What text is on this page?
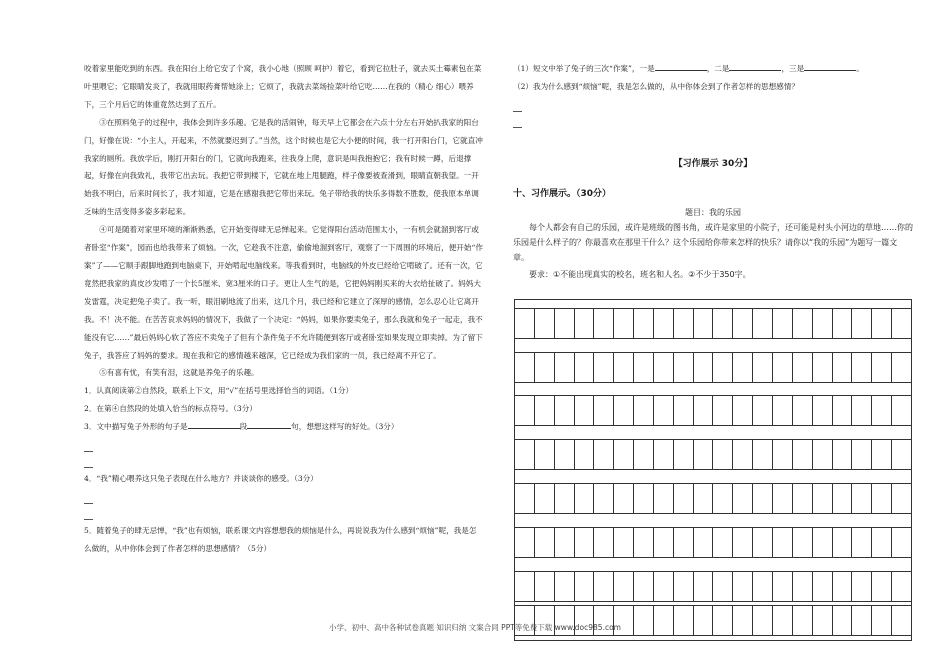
咬着家里能吃到的东西。我在阳台上给它安了个窝，我小心地（照顾 呵护）着它，看到它拉肚子，就去买土霉素包在菜叶里喂它；它眼睛发炎了，我就用眼药膏帮她涂上；它烦了，我就去菜场捡菜叶给它吃……在我的（精心 细心）喂养下，三个月后它的体重竟然达到了五斤。

③在照料兔子的过程中，我体会到许多乐趣。它是我的活闹钟，每天早上它都会在六点十分左右开始扒我家的阳台门，好像在说：“小主人，开起来，不然就要迟到了。”当然，这个时候也是它大小便的时间，我一打开阳台门，它就直冲我家的厕所。我放学后，刚打开阳台的门，它就向我跑来，往我身上爬，意识是叫我抱抱它；我有时候一蹲，后退撑起，好像在向我致礼，我带它出去玩。我把它带到楼下，它就在地上甩腿跑，样子像要被查滑到，眼睛直朝我望。一开始我不明白，后来时间长了，我才知道，它是在感谢我把它带出来玩。兔子带给我的快乐多得数不胜数，使我原本单调乏味的生活变得多姿多彩起来。

④可是随着对家里环境的渐渐熟悉，它开始变得肆无忌惮起来。它觉得阳台活动范围太小，一有机会就溜到客厅或者卧室“作案”，园而也给我带来了烦恼。一次，它趁我不注意，偷偷地溜到客厅，观察了一下周围的环境后，便开始“作案”了——它顺手跟脚地跑到电脑桌下，开始啃起电脑线来。等我看到时，电脑线的外皮已经给它啃破了。还有一次，它竟然把我家的真皮沙发啃了一个长5厘米、宽3厘米的口子。更让人生气的是，它把妈妈刚买来的大衣给扯破了。妈妈大发雷霆，决定把兔子卖了。我一听，眼泪刷地流了出来，这几个月，我已经和它建立了深厚的感情，怎么忍心让它离开我。不！决不能。在苦苦哀求妈妈的情况下，我做了一个决定：“妈妈，如果你要卖兔子，那么我就和兔子一起走，我不能没有它……”最后妈妈心软了答应不卖兔子了但有个条件兔子不允许随便到客厅或者卧室如果发现立即卖掉。为了留下兔子，我答应了妈妈的要求。现在我和它的感情越来越深，它已经成为我们家的一员，我已经离不开它了。

⑤有喜有忧，有笑有泪，这就是养兔子的乐趣。

1．认真阅读第②自然段，联系上下文，用“√”在括号里选择恰当的词语。（1分）

2．在第④自然段的处填入恰当的标点符号。（3分）

3．文中描写兔子外形的句子是	段	句，想想这样写的好处。（3分）

4．“我”精心喂养这只兔子表现在什么地方？并谈谈你的感受。（3分）

5．随着兔子的肆无忌惮，“我”也有烦恼，联系课文内容想想我的烦恼是什么，再说说我为什么感到“烦恼”呢，我是怎么做的，从中你体会到了作者怎样的思想感情？（5分）

（1）短文中举了兔子的三次“作案”，一是	，二是	，三是	。
（2）我为什么感到“烦恼”呢，我是怎么做的，从中你体会到了作者怎样的思想感情？
【习作展示 30分】
十、习作展示。（30分）
题目：我的乐园
每个人都会有自己的乐园，或许是班级的图书角，或许是家里的小院子，还可能是村头小河边的草地……你的乐园是什么样子的？你最喜欢在那里干什么？这个乐园给你带来怎样的快乐？请你以“我的乐园”为题写一篇文章。
要求：①不能出现真实的校名，班名和人名。②不少于350字。
小学、初中、高中各种试卷真题 知识归纳 文案合同 PPT等免费下载 www.doc985.com
